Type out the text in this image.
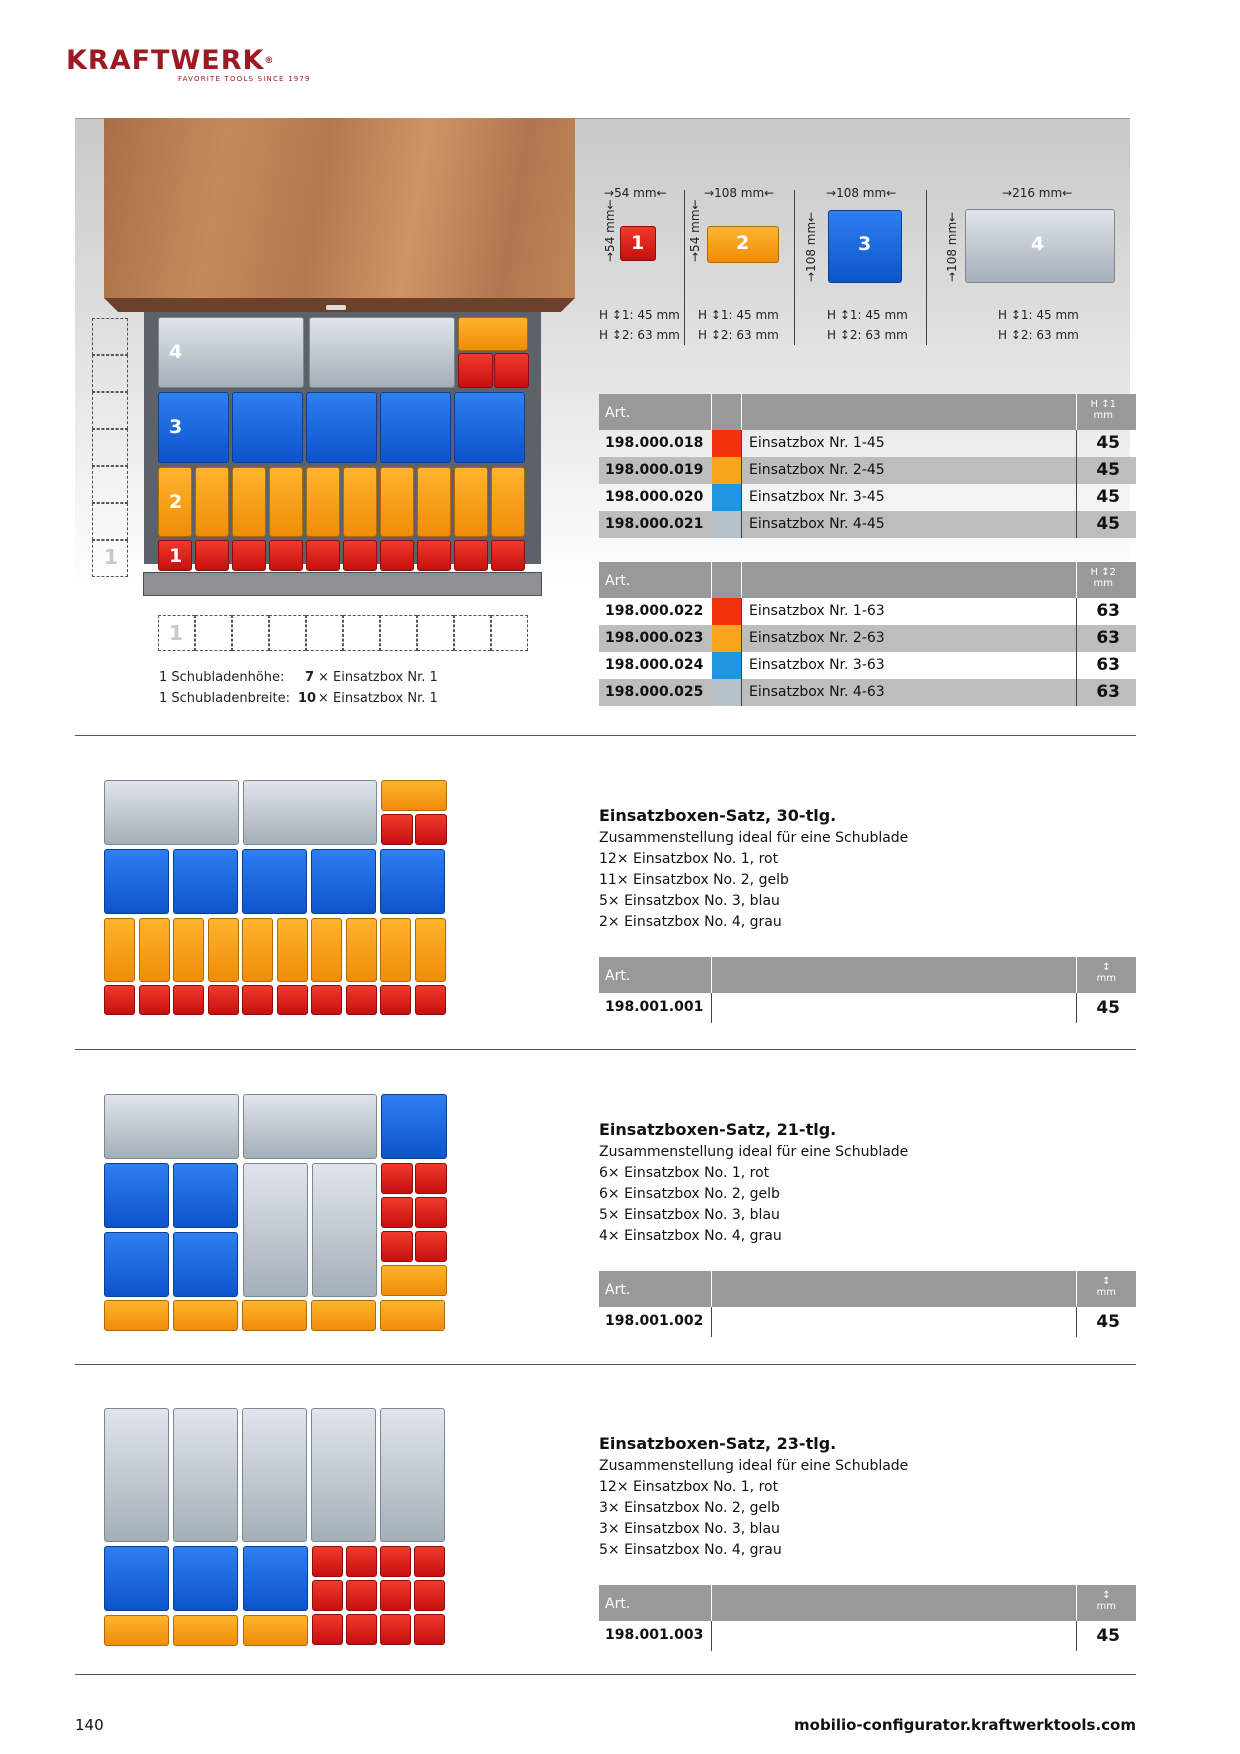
KRAFTWERK®
FAVORITE TOOLS SINCE 1979
4
3
2
1
1
1
1 Schubladenhöhe: 7 × Einsatzbox Nr. 1
1 Schubladenbreite: 10 × Einsatzbox Nr. 1
→54 mm←
→54 mm←
1
H ↕1: 45 mm
H ↕2: 63 mm
→108 mm←
→54 mm←
2
H ↕1: 45 mm
H ↕2: 63 mm
→108 mm←
→108 mm←
3
H ↕1: 45 mm
H ↕2: 63 mm
→216 mm←
→108 mm←
4
H ↕1: 45 mm
H ↕2: 63 mm
Art.
H ↕1
mm
198.000.018	Einsatzbox Nr. 1-45	45
198.000.019	Einsatzbox Nr. 2-45	45
198.000.020	Einsatzbox Nr. 3-45	45
198.000.021	Einsatzbox Nr. 4-45	45
Art.
H ↕2
mm
198.000.022	Einsatzbox Nr. 1-63	63
198.000.023	Einsatzbox Nr. 2-63	63
198.000.024	Einsatzbox Nr. 3-63	63
198.000.025	Einsatzbox Nr. 4-63	63
Einsatzboxen-Satz, 30-tlg.
Zusammenstellung ideal für eine Schublade
12× Einsatzbox No. 1, rot
11× Einsatzbox No. 2, gelb
5× Einsatzbox No. 3, blau
2× Einsatzbox No. 4, grau
Art.
↕
mm
198.001.001	45
Einsatzboxen-Satz, 21-tlg.
Zusammenstellung ideal für eine Schublade
6× Einsatzbox No. 1, rot
6× Einsatzbox No. 2, gelb
5× Einsatzbox No. 3, blau
4× Einsatzbox No. 4, grau
Art.
↕
mm
198.001.002	45
Einsatzboxen-Satz, 23-tlg.
Zusammenstellung ideal für eine Schublade
12× Einsatzbox No. 1, rot
3× Einsatzbox No. 2, gelb
3× Einsatzbox No. 3, blau
5× Einsatzbox No. 4, grau
Art.
↕
mm
198.001.003	45
140	mobilio-configurator.kraftwerktools.com
